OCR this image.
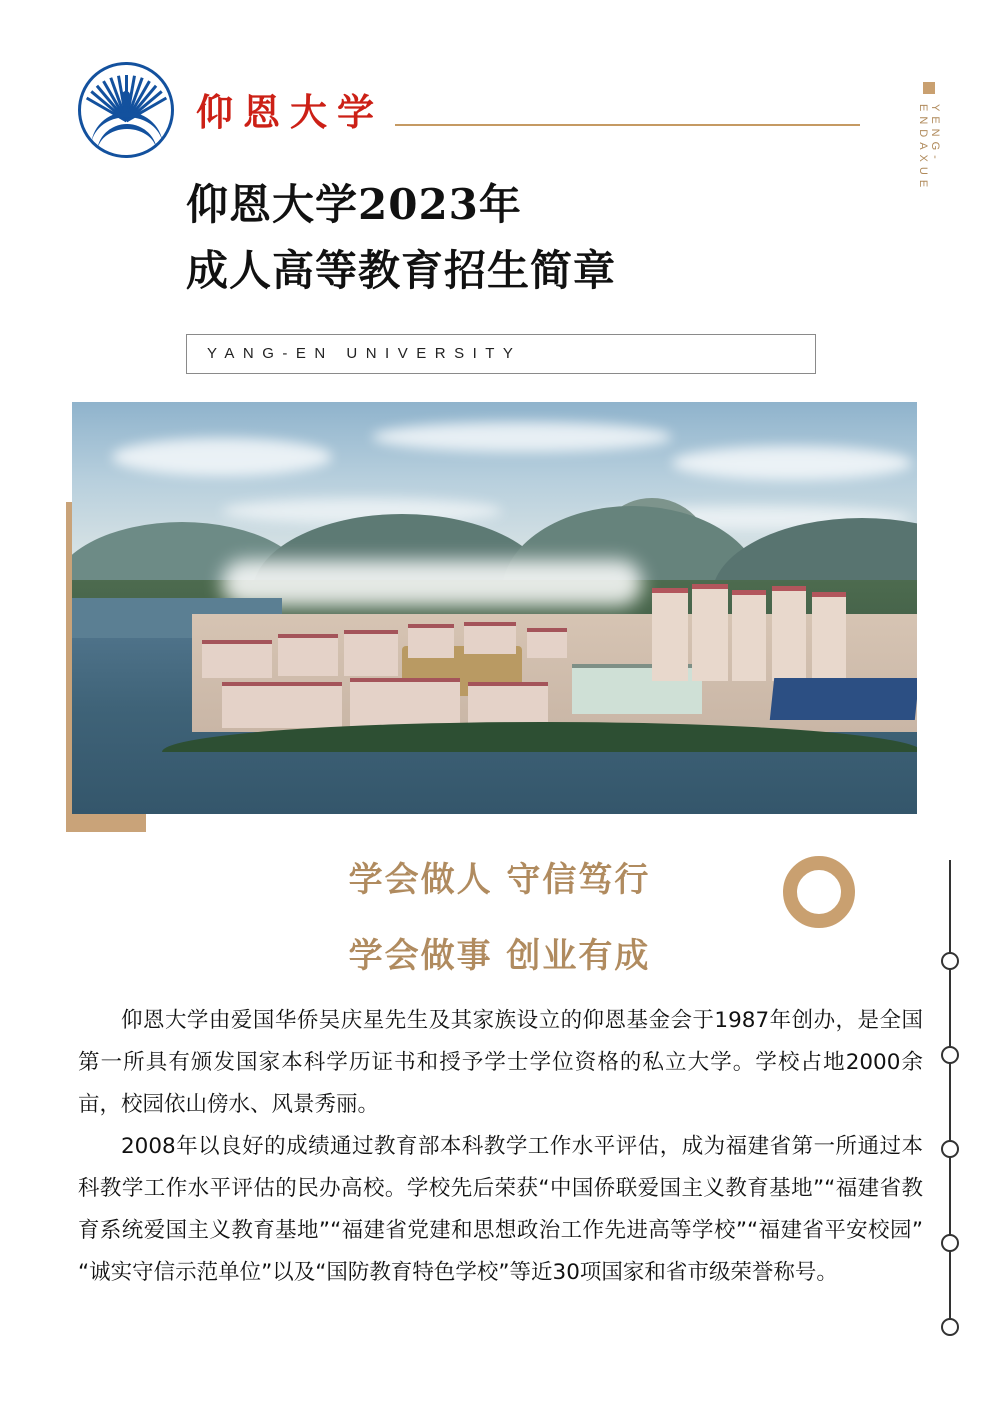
仰恩大学	YENG-ENDAXUE
仰恩大学2023年
成人高等教育招生简章
YANG-EN UNIVERSITY
学会做人 守信笃行
学会做事 创业有成

仰恩大学由爱国华侨吴庆星先生及其家族设立的仰恩基金会于1987年创办，是全国第一所具有颁发国家本科学历证书和授予学士学位资格的私立大学。学校占地2000余亩，校园依山傍水、风景秀丽。

2008年以良好的成绩通过教育部本科教学工作水平评估，成为福建省第一所通过本科教学工作水平评估的民办高校。学校先后荣获“中国侨联爱国主义教育基地”“福建省教育系统爱国主义教育基地”“福建省党建和思想政治工作先进高等学校”“福建省平安校园”“诚实守信示范单位”以及“国防教育特色学校”等近30项国家和省市级荣誉称号。
